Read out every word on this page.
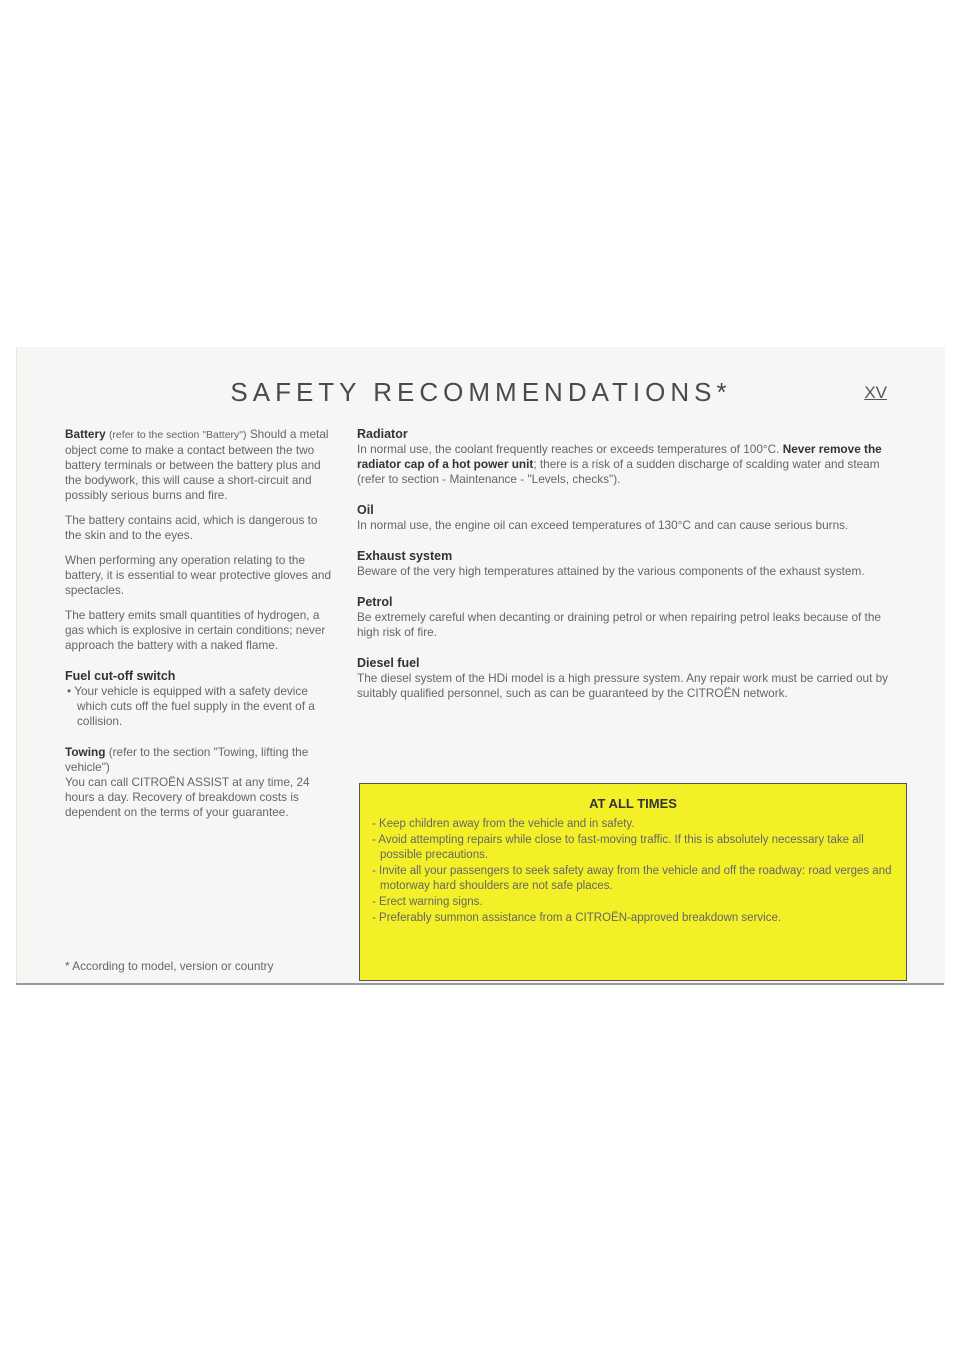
SAFETY RECOMMENDATIONS*	XV

Battery (refer to the section "Battery") Should a metal object come to make a contact between the two battery terminals or between the battery plus and the bodywork, this will cause a short-circuit and possibly serious burns and fire.

The battery contains acid, which is dangerous to the skin and to the eyes.

When performing any operation relating to the battery, it is essential to wear protective gloves and spectacles.

The battery emits small quantities of hydrogen, a gas which is explosive in certain conditions; never approach the battery with a naked flame.

Fuel cut-off switch

• Your vehicle is equipped with a safety device which cuts off the fuel supply in the event of a collision.

Towing (refer to the section "Towing, lifting the vehicle")

You can call CITROËN ASSIST at any time, 24 hours a day. Recovery of breakdown costs is dependent on the terms of your guarantee.

* According to model, version or country
Radiator

In normal use, the coolant frequently reaches or exceeds temperatures of 100°C. Never remove the radiator cap of a hot power unit; there is a risk of a sudden discharge of scalding water and steam (refer to section - Maintenance - "Levels, checks").

Oil

In normal use, the engine oil can exceed temperatures of 130°C and can cause serious burns.

Exhaust system

Beware of the very high temperatures attained by the various components of the exhaust system.

Petrol

Be extremely careful when decanting or draining petrol or when repairing petrol leaks because of the high risk of fire.

Diesel fuel

The diesel system of the HDi model is a high pressure system. Any repair work must be carried out by suitably qualified personnel, such as can be guaranteed by the CITROËN network.

AT ALL TIMES
- Keep children away from the vehicle and in safety.
- Avoid attempting repairs while close to fast-moving traffic. If this is absolutely necessary take all possible precautions.
- Invite all your passengers to seek safety away from the vehicle and off the roadway: road verges and motorway hard shoulders are not safe places.
- Erect warning signs.
- Preferably summon assistance from a CITROËN-approved breakdown service.
